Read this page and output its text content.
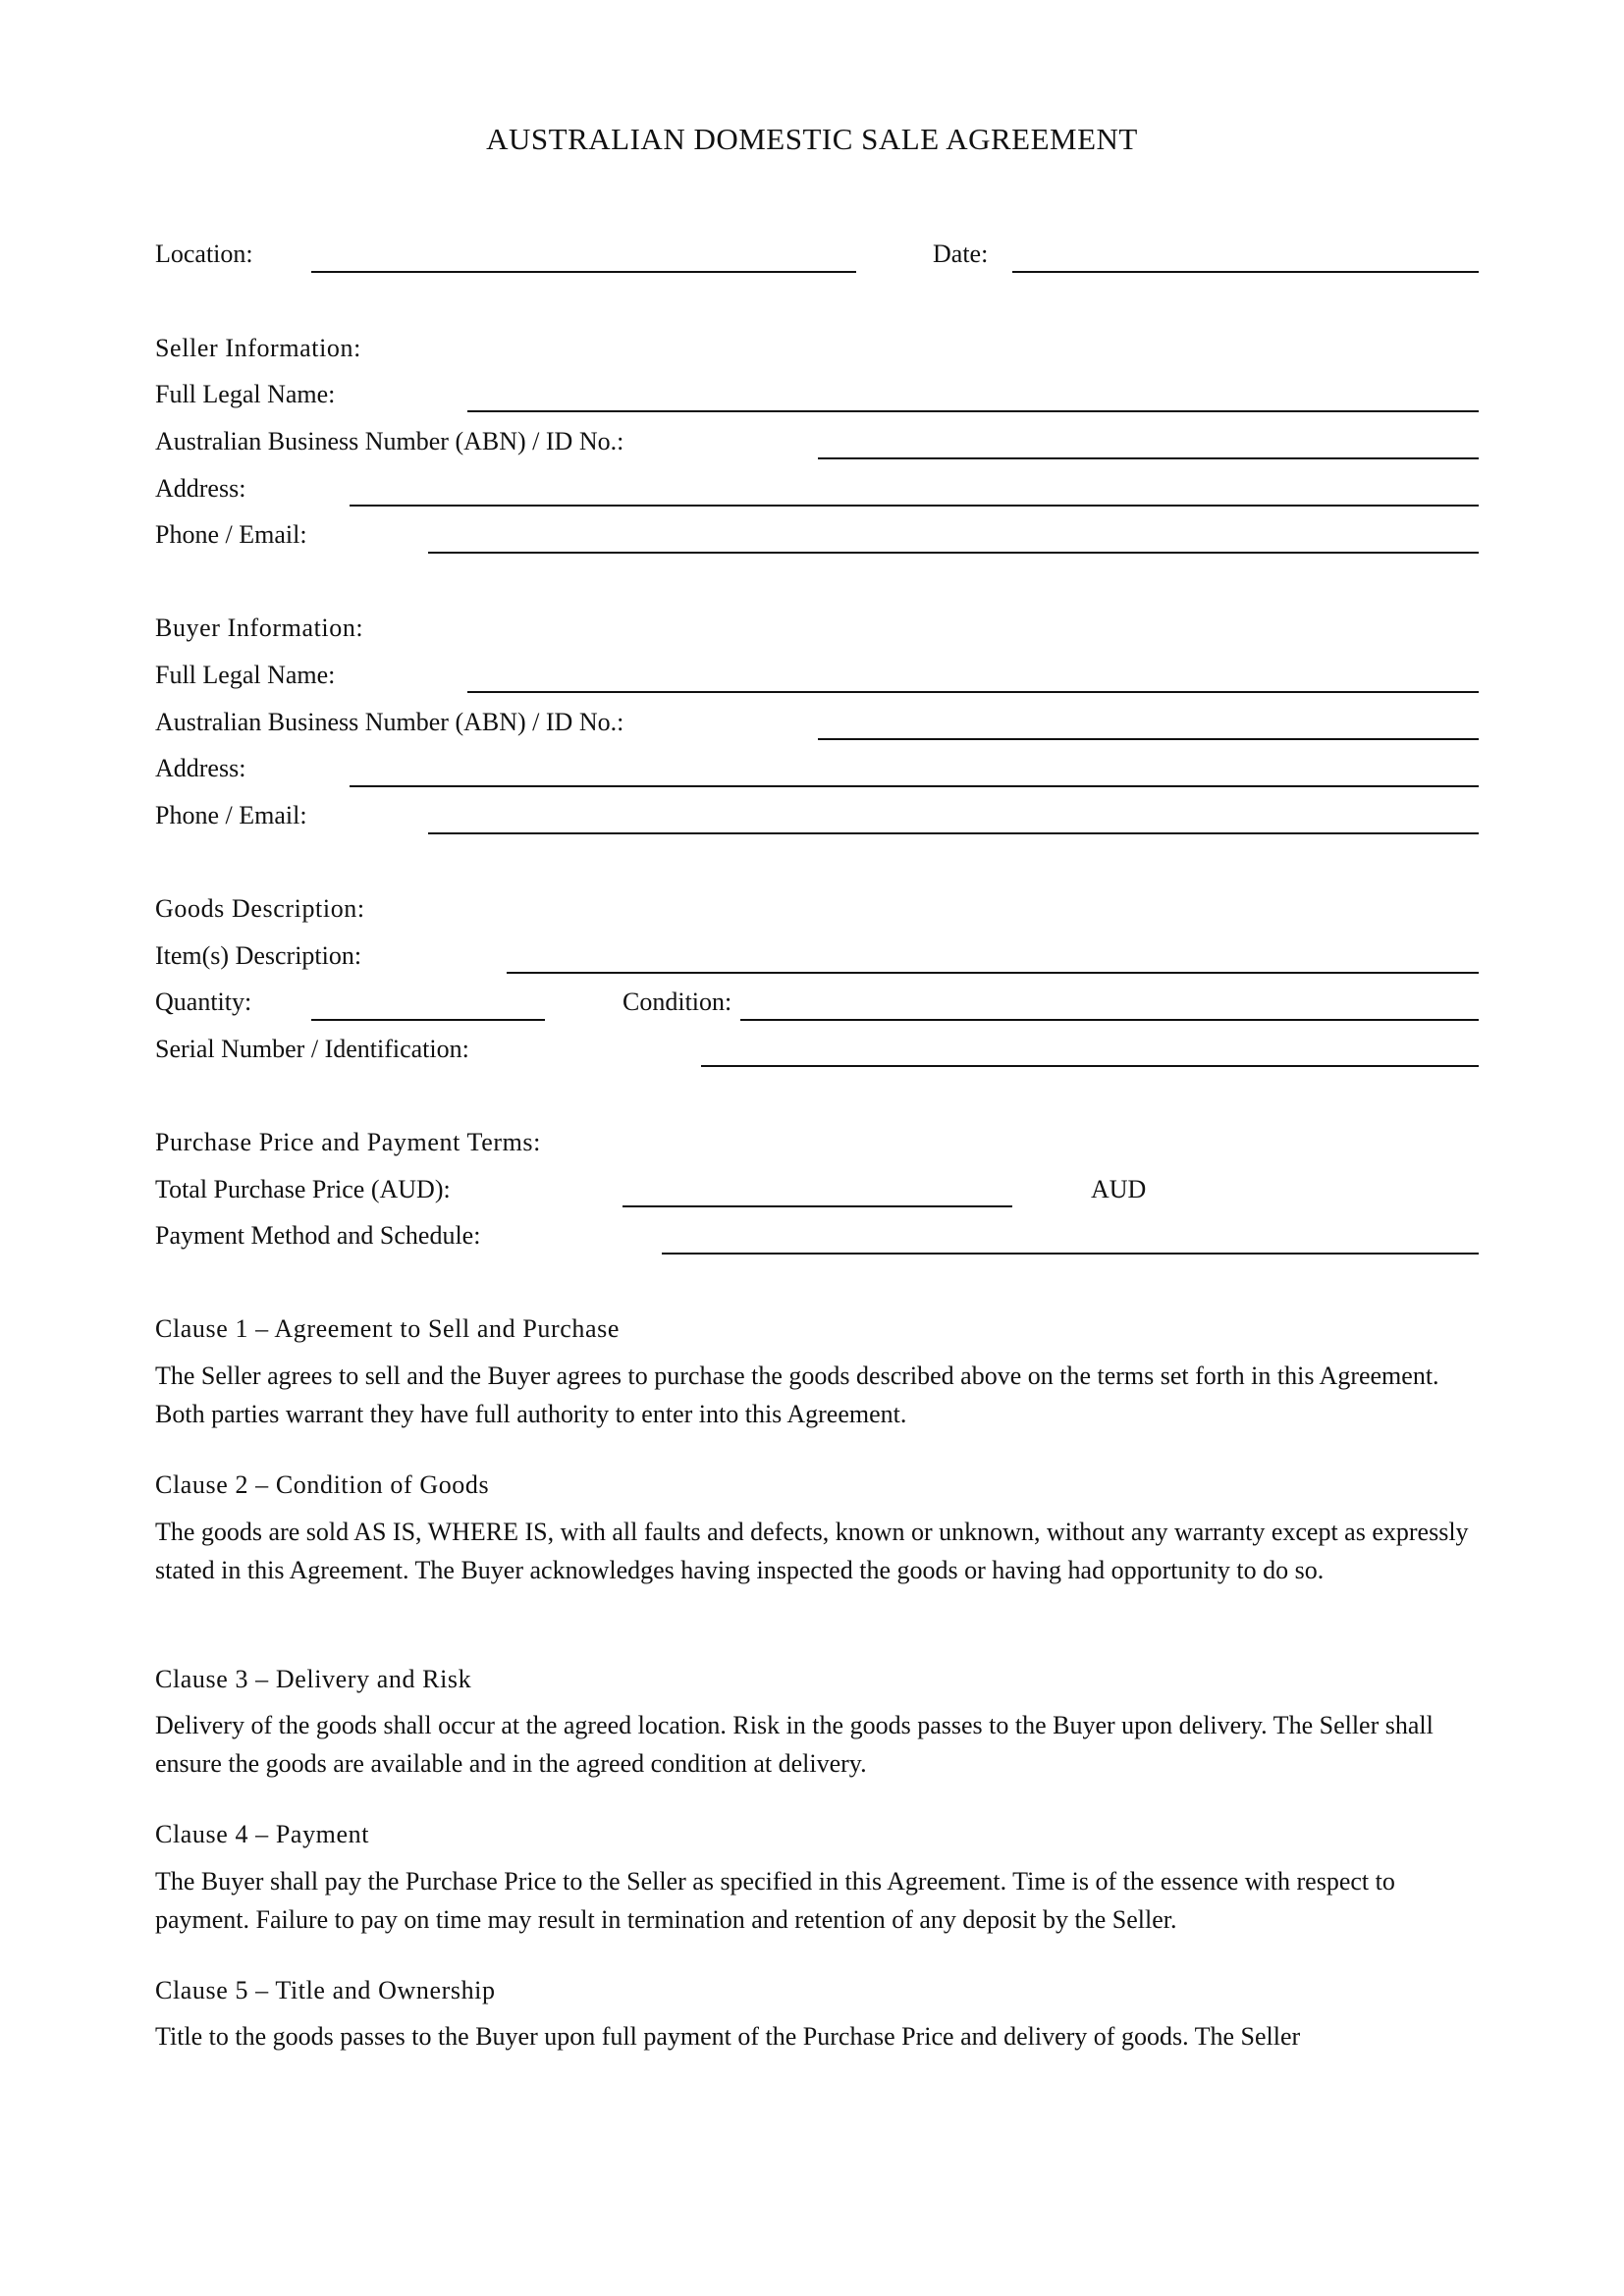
AUSTRALIAN DOMESTIC SALE AGREEMENT
Location:	Date:
Seller Information:
Full Legal Name:
Australian Business Number (ABN) / ID No.:
Address:
Phone / Email:
Buyer Information:
Full Legal Name:
Australian Business Number (ABN) / ID No.:
Address:
Phone / Email:
Goods Description:
Item(s) Description:
Quantity:	Condition:
Serial Number / Identification:
Purchase Price and Payment Terms:
Total Purchase Price (AUD):	AUD
Payment Method and Schedule:
Clause 1 – Agreement to Sell and Purchase

The Seller agrees to sell and the Buyer agrees to purchase the goods described above on the terms set forth in this Agreement. Both parties warrant they have full authority to enter into this Agreement.

Clause 2 – Condition of Goods

The goods are sold AS IS, WHERE IS, with all faults and defects, known or unknown, without any warranty except as expressly stated in this Agreement. The Buyer acknowledges having inspected the goods or having had opportunity to do so.

Clause 3 – Delivery and Risk

Delivery of the goods shall occur at the agreed location. Risk in the goods passes to the Buyer upon delivery. The Seller shall ensure the goods are available and in the agreed condition at delivery.

Clause 4 – Payment

The Buyer shall pay the Purchase Price to the Seller as specified in this Agreement. Time is of the essence with respect to payment. Failure to pay on time may result in termination and retention of any deposit by the Seller.

Clause 5 – Title and Ownership

Title to the goods passes to the Buyer upon full payment of the Purchase Price and delivery of goods. The Seller
